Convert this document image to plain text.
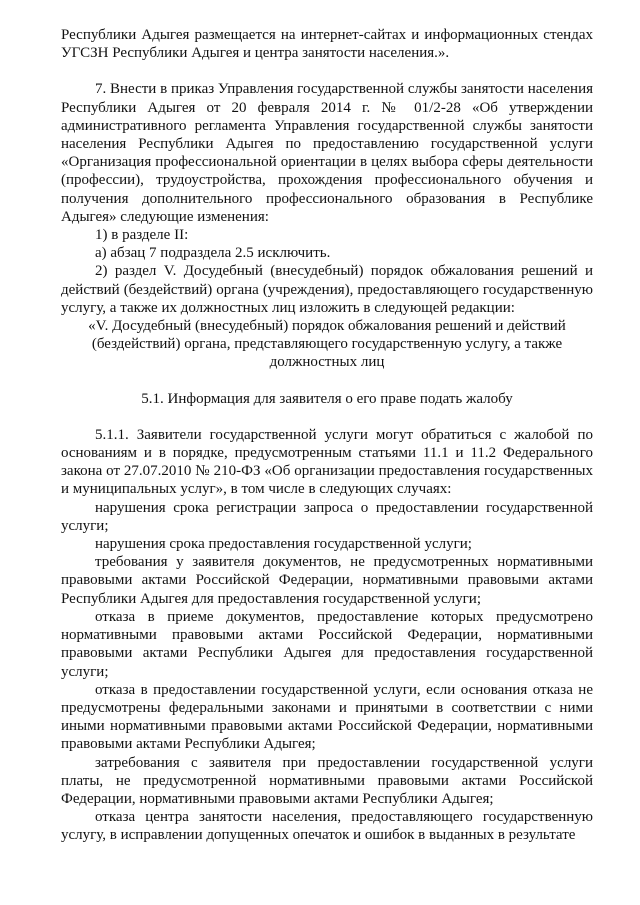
Республики Адыгея размещается на интернет-сайтах и информационных стендах УГСЗН Республики Адыгея и центра занятости населения.».

7. Внести в приказ Управления государственной службы занятости населения Республики Адыгея от 20 февраля 2014 г. № 01/2-28 «Об утверждении административного регламента Управления государственной службы занятости населения Республики Адыгея по предоставлению государственной услуги «Организация профессиональной ориентации в целях выбора сферы деятельности (профессии), трудоустройства, прохождения профессионального обучения и получения дополнительного профессионального образования в Республике Адыгея» следующие изменения:

1) в разделе II:

а) абзац 7 подраздела 2.5 исключить.

2) раздел V. Досудебный (внесудебный) порядок обжалования решений и действий (бездействий) органа (учреждения), предоставляющего государственную услугу, а также их должностных лиц изложить в следующей редакции:

«V. Досудебный (внесудебный) порядок обжалования решений и действий (бездействий) органа, представляющего государственную услугу, а также должностных лиц

5.1. Информация для заявителя о его праве подать жалобу

5.1.1. Заявители государственной услуги могут обратиться с жалобой по основаниям и в порядке, предусмотренным статьями 11.1 и 11.2 Федерального закона от 27.07.2010 № 210-ФЗ «Об организации предоставления государственных и муниципальных услуг», в том числе в следующих случаях:

нарушения срока регистрации запроса о предоставлении государственной услуги;

нарушения срока предоставления государственной услуги;

требования у заявителя документов, не предусмотренных нормативными правовыми актами Российской Федерации, нормативными правовыми актами Республики Адыгея для предоставления государственной услуги;

отказа в приеме документов, предоставление которых предусмотрено нормативными правовыми актами Российской Федерации, нормативными правовыми актами Республики Адыгея для предоставления государственной услуги;

отказа в предоставлении государственной услуги, если основания отказа не предусмотрены федеральными законами и принятыми в соответствии с ними иными нормативными правовыми актами Российской Федерации, нормативными правовыми актами Республики Адыгея;

затребования с заявителя при предоставлении государственной услуги платы, не предусмотренной нормативными правовыми актами Российской Федерации, нормативными правовыми актами Республики Адыгея;

отказа центра занятости населения, предоставляющего государственную услугу, в исправлении допущенных опечаток и ошибок в выданных в результате
